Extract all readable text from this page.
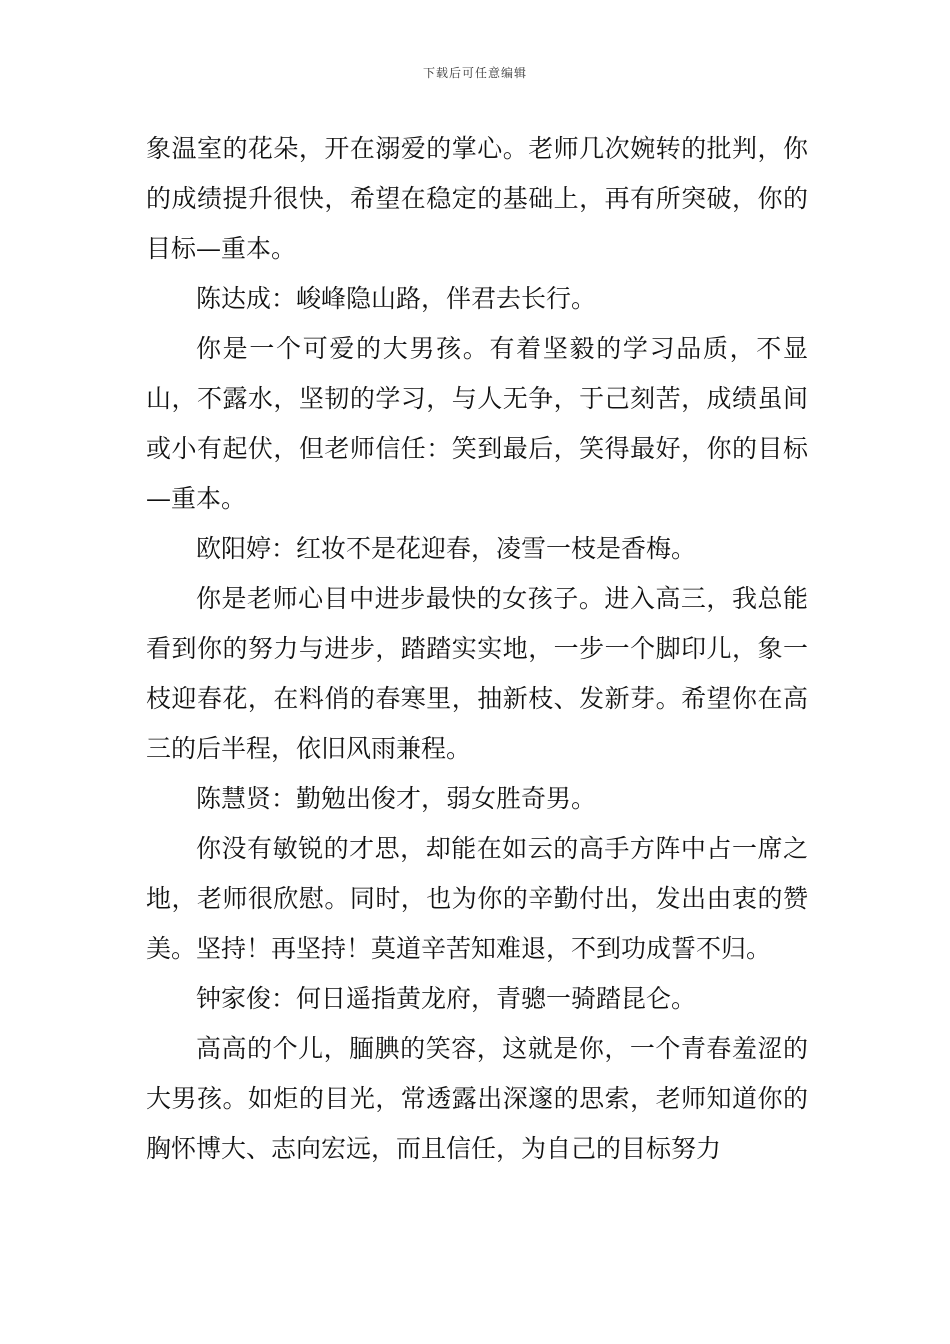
下载后可任意编辑

象温室的花朵，开在溺爱的掌心。老师几次婉转的批判，你的成绩提升很快，希望在稳定的基础上，再有所突破，你的目标—重本。

陈达成：峻峰隐山路，伴君去长行。

你是一个可爱的大男孩。有着坚毅的学习品质，不显山，不露水，坚韧的学习，与人无争，于己刻苦，成绩虽间或小有起伏，但老师信任：笑到最后，笑得最好，你的目标—重本。

欧阳婷：红妆不是花迎春，凌雪一枝是香梅。

你是老师心目中进步最快的女孩子。进入高三，我总能看到你的努力与进步，踏踏实实地，一步一个脚印儿，象一枝迎春花，在料俏的春寒里，抽新枝、发新芽。希望你在高三的后半程，依旧风雨兼程。

陈慧贤：勤勉出俊才，弱女胜奇男。

你没有敏锐的才思，却能在如云的高手方阵中占一席之地，老师很欣慰。同时，也为你的辛勤付出，发出由衷的赞美。坚持！再坚持！莫道辛苦知难退，不到功成誓不归。

钟家俊：何日遥指黄龙府，青骢一骑踏昆仑。

高高的个儿，腼腆的笑容，这就是你，一个青春羞涩的大男孩。如炬的目光，常透露出深邃的思索，老师知道你的胸怀博大、志向宏远，而且信任，为自己的目标努力
